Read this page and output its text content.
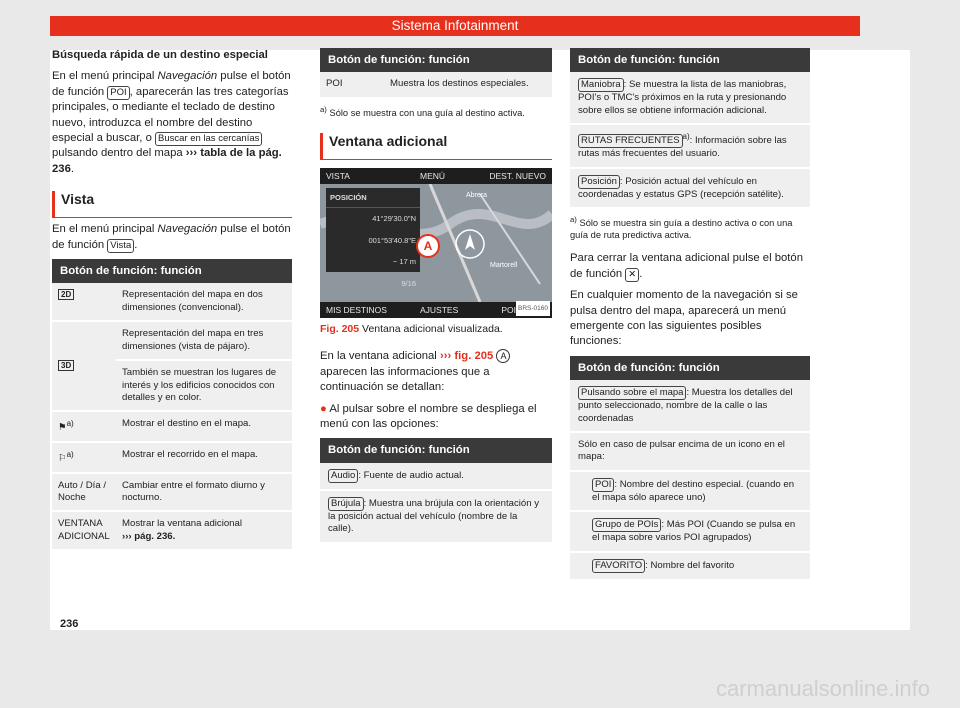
Sistema Infotainment

Búsqueda rápida de un destino especial

En el menú principal Navegación pulse el botón de función POI , aparecerán las tres categorías principales, o mediante el teclado de destino nuevo, introduzca el nombre del destino especial a buscar, o Buscar en las cercanías pulsando dentro del mapa ››› tabla de la pág. 236.

Vista

En el menú principal Navegación pulse el botón de función Vista .

Botón de función: función	
2D	Representación del mapa en dos dimensiones (convencional).
3D	Representación del mapa en tres dimensiones (vista de pájaro).
	También se muestran los lugares de interés y los edificios conocidos con detalles y en color.
⚑$^{a)}$	Mostrar el destino en el mapa.
⚐$^{a)}$	Mostrar el recorrido en el mapa.
Auto / Día / Noche	Cambiar entre el formato diurno y nocturno.
VENTANA ADICIONAL	Mostrar la ventana adicional
››› pág. 236.
Botón de función: función
POI	Muestra los destinos especiales.
$^{a)}$ Sólo se muestra con una guía al destino activa.
Ventana adicional
VISTA	MENÚ	DEST. NUEVO
Abrera
Martorell
POSICIÓN
41°29'30.0"N
001°53'40.8"E
~ 17 m
9/16
A
MIS DESTINOS	AJUSTES	POI BRS-0160
Fig. 205 Ventana adicional visualizada.

En la ventana adicional ››› fig. 205 A aparecen las informaciones que a continuación se detallan:

● Al pulsar sobre el nombre se despliega el menú con las opciones:

Botón de función: función
Audio : Fuente de audio actual.
Brújula : Muestra una brújula con la orientación y la posición actual del vehículo (nombre de la calle).
Botón de función: función
Maniobra : Se muestra la lista de las maniobras, POI's o TMC's próximos en la ruta y presionando sobre ellos se obtiene información adicional.
RUTAS FRECUENTES $^{a)}$: Información sobre las rutas más frecuentes del usuario.
Posición : Posición actual del vehículo en coordenadas y estatus GPS (recepción satélite).
$^{a)}$ Sólo se muestra sin guía a destino activa o con una guía de ruta predictiva activa.

Para cerrar la ventana adicional pulse el botón de función ✕ .

En cualquier momento de la navegación si se pulsa dentro del mapa, aparecerá un menú emergente con las siguientes posibles funciones:

Botón de función: función
Pulsando sobre el mapa : Muestra los detalles del punto seleccionado, nombre de la calle o las coordenadas
Sólo en caso de pulsar encima de un icono en el mapa:
POI : Nombre del destino especial. (cuando en el mapa sólo aparece uno)
Grupo de POIs : Más POI (Cuando se pulsa en el mapa sobre varios POI agrupados)
FAVORITO : Nombre del favorito
236
carmanualsonline.info
